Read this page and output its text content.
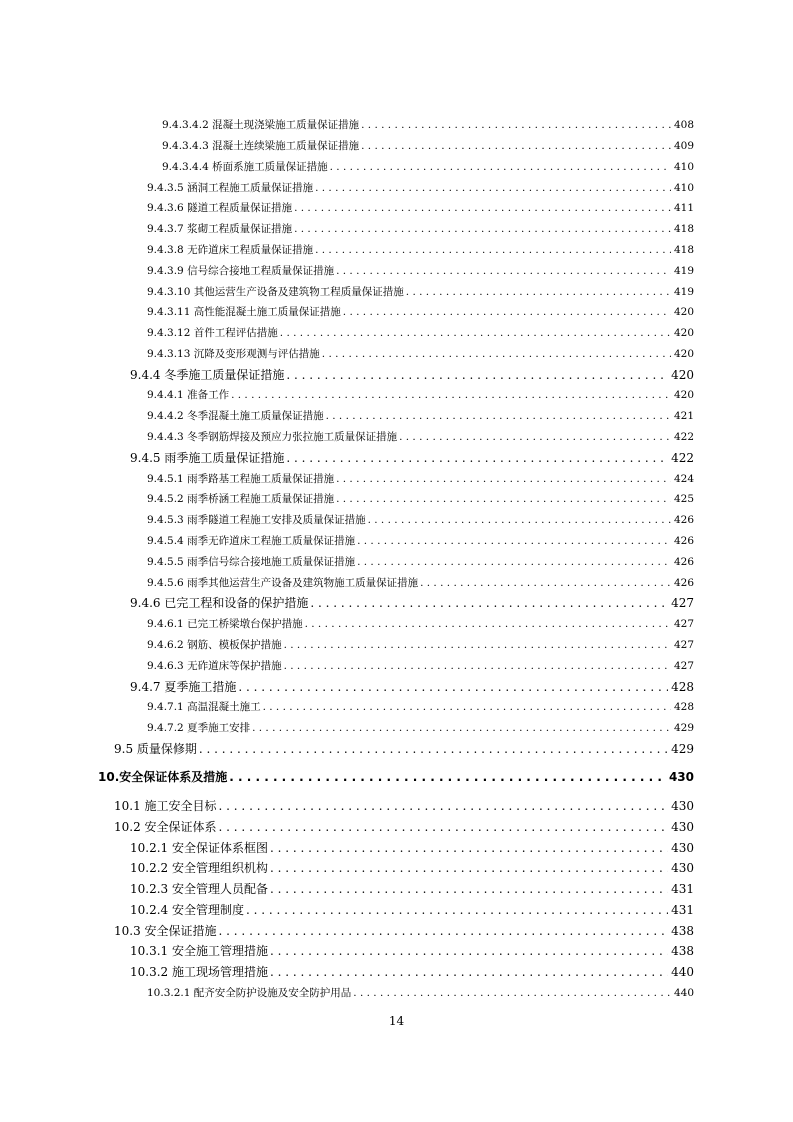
9.4.3.4.2 混凝土现浇梁施工质量保证措施 . . .	408
9.4.3.4.3 混凝土连续梁施工质量保证措施 . . .	409
9.4.3.4.4 桥面系施工质量保证措施 . . .	410
9.4.3.5 涵洞工程施工质量保证措施 . . .	410
9.4.3.6 隧道工程质量保证措施 . . .	411
9.4.3.7 浆砌工程质量保证措施 . . .	418
9.4.3.8 无砟道床工程质量保证措施 . . .	418
9.4.3.9 信号综合接地工程质量保证措施 . . .	419
9.4.3.10 其他运营生产设备及建筑物工程质量保证措施 . . .	419
9.4.3.11 高性能混凝土施工质量保证措施 . . .	420
9.4.3.12 首件工程评估措施 . . .	420
9.4.3.13 沉降及变形观测与评估措施 . . .	420
9.4.4 冬季施工质量保证措施 . . .	420
9.4.4.1 准备工作 . . .	420
9.4.4.2 冬季混凝土施工质量保证措施 . . .	421
9.4.4.3 冬季钢筋焊接及预应力张拉施工质量保证措施 . . .	422
9.4.5 雨季施工质量保证措施 . . .	422
9.4.5.1 雨季路基工程施工质量保证措施 . . .	424
9.4.5.2 雨季桥涵工程施工质量保证措施 . . .	425
9.4.5.3 雨季隧道工程施工安排及质量保证措施 . . .	426
9.4.5.4 雨季无砟道床工程施工质量保证措施 . . .	426
9.4.5.5 雨季信号综合接地施工质量保证措施 . . .	426
9.4.5.6 雨季其他运营生产设备及建筑物施工质量保证措施 . . .	426
9.4.6 已完工程和设备的保护措施 . . .	427
9.4.6.1 已完工桥梁墩台保护措施 . . .	427
9.4.6.2 钢筋、模板保护措施 . . .	427
9.4.6.3 无砟道床等保护措施 . . .	427
9.4.7 夏季施工措施 . . .	428
9.4.7.1 高温混凝土施工 . . .	428
9.4.7.2 夏季施工安排 . . .	429
9.5 质量保修期 . . .	429
10.安全保证体系及措施 . . .	430
10.1 施工安全目标 . . .	430
10.2 安全保证体系 . . .	430
10.2.1 安全保证体系框图 . . .	430
10.2.2 安全管理组织机构 . . .	430
10.2.3 安全管理人员配备 . . .	431
10.2.4 安全管理制度 . . .	431
10.3 安全保证措施 . . .	438
10.3.1 安全施工管理措施 . . .	438
10.3.2 施工现场管理措施 . . .	440
10.3.2.1 配齐安全防护设施及安全防护用品 . . .	440
14
